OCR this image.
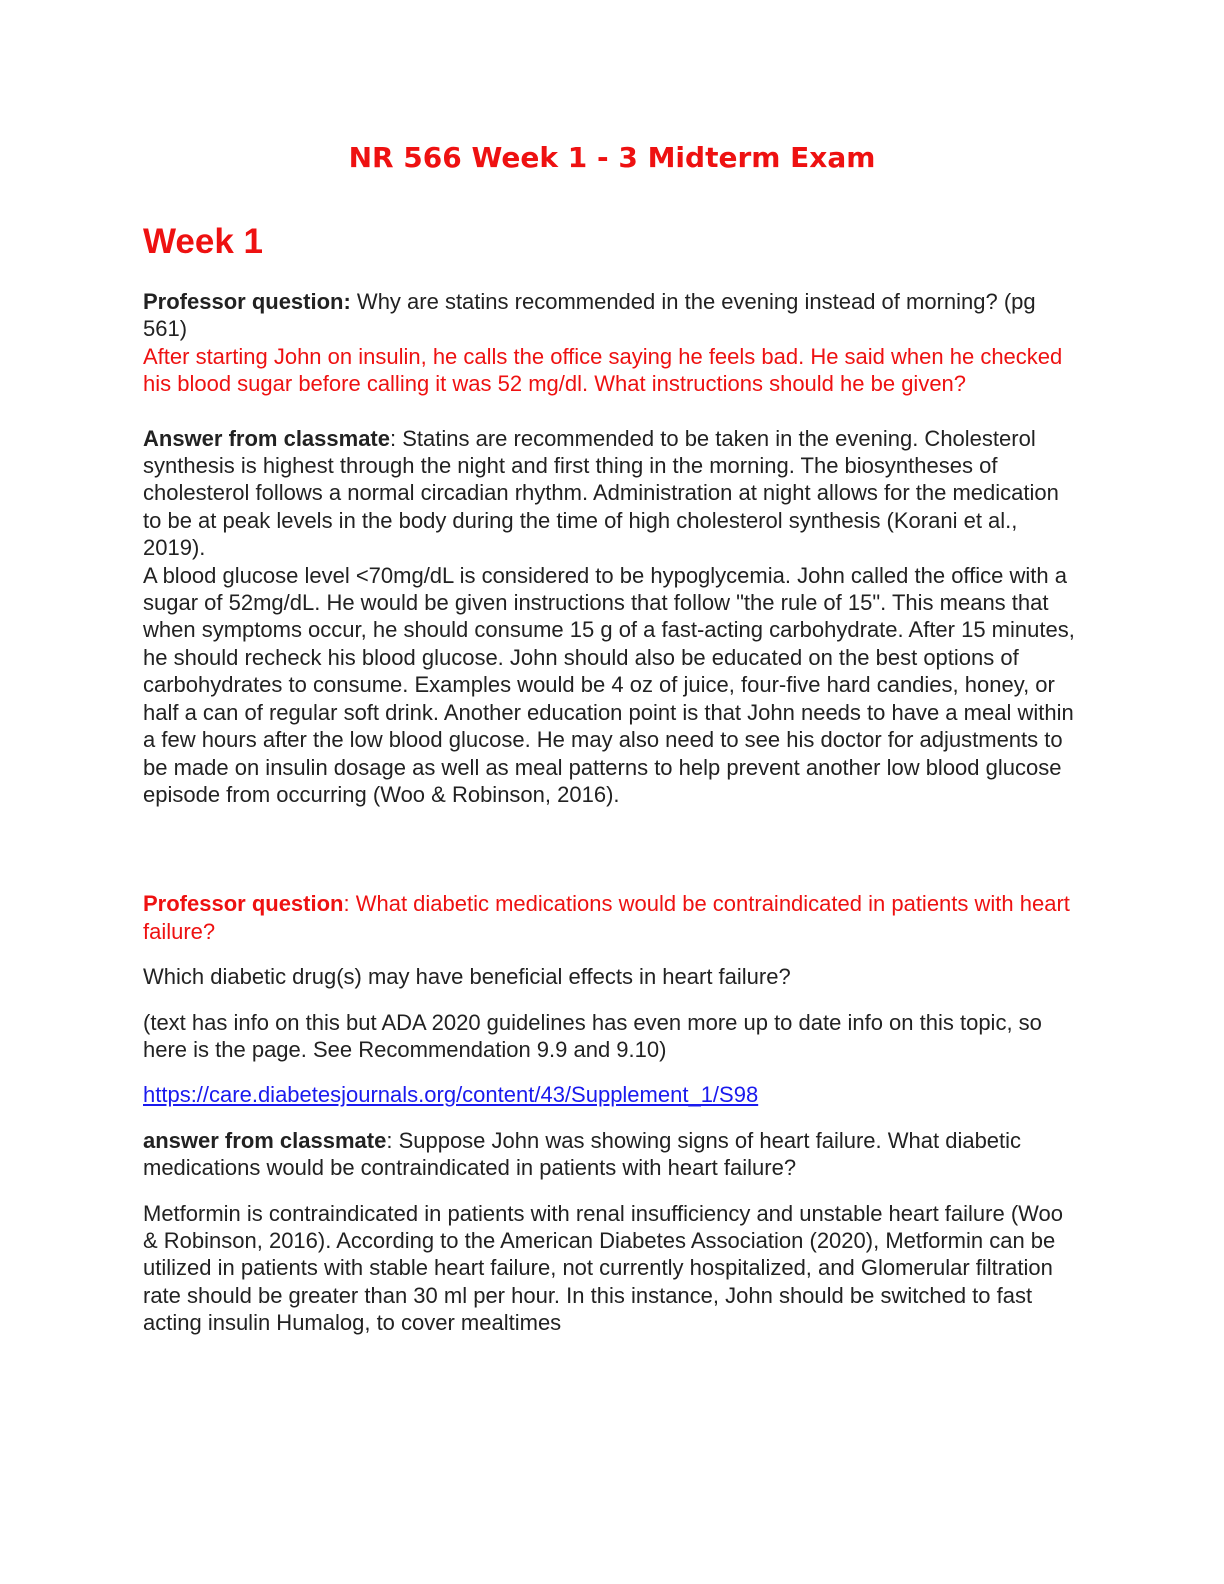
NR 566 Week 1 - 3 Midterm Exam
Week 1

Professor question: Why are statins recommended in the evening instead of morning? (pg 561)

After starting John on insulin, he calls the office saying he feels bad. He said when he checked his blood sugar before calling it was 52 mg/dl. What instructions should he be given?

Answer from classmate: Statins are recommended to be taken in the evening. Cholesterol synthesis is highest through the night and first thing in the morning. The biosyntheses of cholesterol follows a normal circadian rhythm. Administration at night allows for the medication to be at peak levels in the body during the time of high cholesterol synthesis (Korani et al., 2019).

A blood glucose level <70mg/dL is considered to be hypoglycemia. John called the office with a sugar of 52mg/dL. He would be given instructions that follow "the rule of 15". This means that when symptoms occur, he should consume 15 g of a fast-acting carbohydrate. After 15 minutes, he should recheck his blood glucose. John should also be educated on the best options of carbohydrates to consume. Examples would be 4 oz of juice, four-five hard candies, honey, or half a can of regular soft drink. Another education point is that John needs to have a meal within a few hours after the low blood glucose. He may also need to see his doctor for adjustments to be made on insulin dosage as well as meal patterns to help prevent another low blood glucose episode from occurring (Woo & Robinson, 2016).

Professor question: What diabetic medications would be contraindicated in patients with heart failure?

Which diabetic drug(s) may have beneficial effects in heart failure?

(text has info on this but ADA 2020 guidelines has even more up to date info on this topic, so here is the page. See Recommendation 9.9 and 9.10)

https://care.diabetesjournals.org/content/43/Supplement_1/S98

answer from classmate: Suppose John was showing signs of heart failure. What diabetic medications would be contraindicated in patients with heart failure?

Metformin is contraindicated in patients with renal insufficiency and unstable heart failure (Woo & Robinson, 2016). According to the American Diabetes Association (2020), Metformin can be utilized in patients with stable heart failure, not currently hospitalized, and Glomerular filtration rate should be greater than 30 ml per hour. In this instance, John should be switched to fast acting insulin Humalog, to cover mealtimes
